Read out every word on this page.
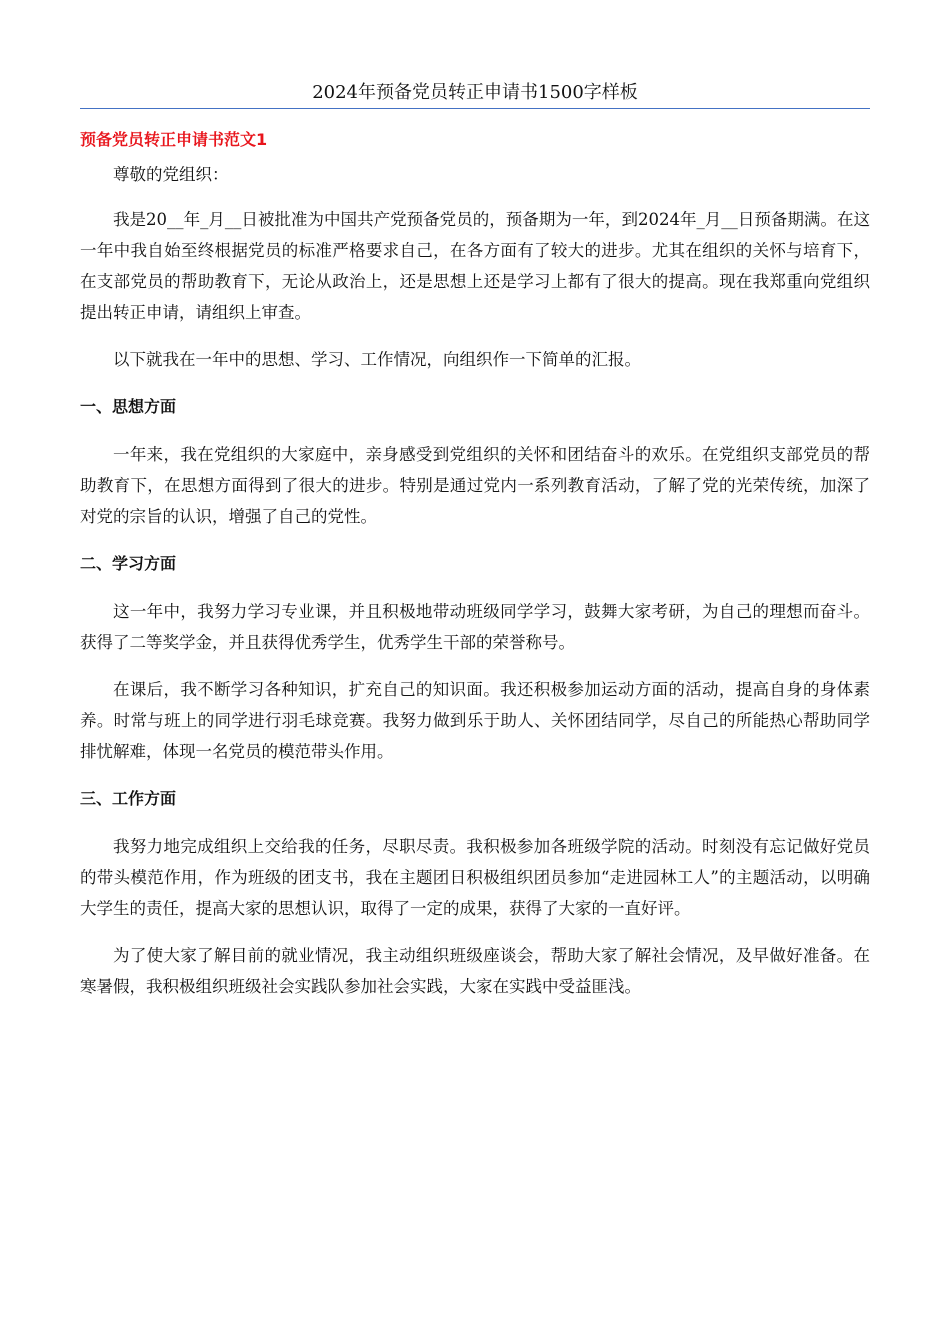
2024年预备党员转正申请书1500字样板
预备党员转正申请书范文1

尊敬的党组织：

我是20__年_月__日被批准为中国共产党预备党员的，预备期为一年，到2024年_月__日预备期满。在这一年中我自始至终根据党员的标准严格要求自己，在各方面有了较大的进步。尤其在组织的关怀与培育下，在支部党员的帮助教育下，无论从政治上，还是思想上还是学习上都有了很大的提高。现在我郑重向党组织提出转正申请，请组织上审查。

以下就我在一年中的思想、学习、工作情况，向组织作一下简单的汇报。

一、思想方面

一年来，我在党组织的大家庭中，亲身感受到党组织的关怀和团结奋斗的欢乐。在党组织支部党员的帮助教育下，在思想方面得到了很大的进步。特别是通过党内一系列教育活动，了解了党的光荣传统，加深了对党的宗旨的认识，增强了自己的党性。

二、学习方面

这一年中，我努力学习专业课，并且积极地带动班级同学学习，鼓舞大家考研，为自己的理想而奋斗。获得了二等奖学金，并且获得优秀学生，优秀学生干部的荣誉称号。

在课后，我不断学习各种知识，扩充自己的知识面。我还积极参加运动方面的活动，提高自身的身体素养。时常与班上的同学进行羽毛球竞赛。我努力做到乐于助人、关怀团结同学，尽自己的所能热心帮助同学排忧解难，体现一名党员的模范带头作用。

三、工作方面

我努力地完成组织上交给我的任务，尽职尽责。我积极参加各班级学院的活动。时刻没有忘记做好党员的带头模范作用，作为班级的团支书，我在主题团日积极组织团员参加“走进园林工人”的主题活动，以明确大学生的责任，提高大家的思想认识，取得了一定的成果，获得了大家的一直好评。

为了使大家了解目前的就业情况，我主动组织班级座谈会，帮助大家了解社会情况，及早做好准备。在寒暑假，我积极组织班级社会实践队参加社会实践，大家在实践中受益匪浅。
